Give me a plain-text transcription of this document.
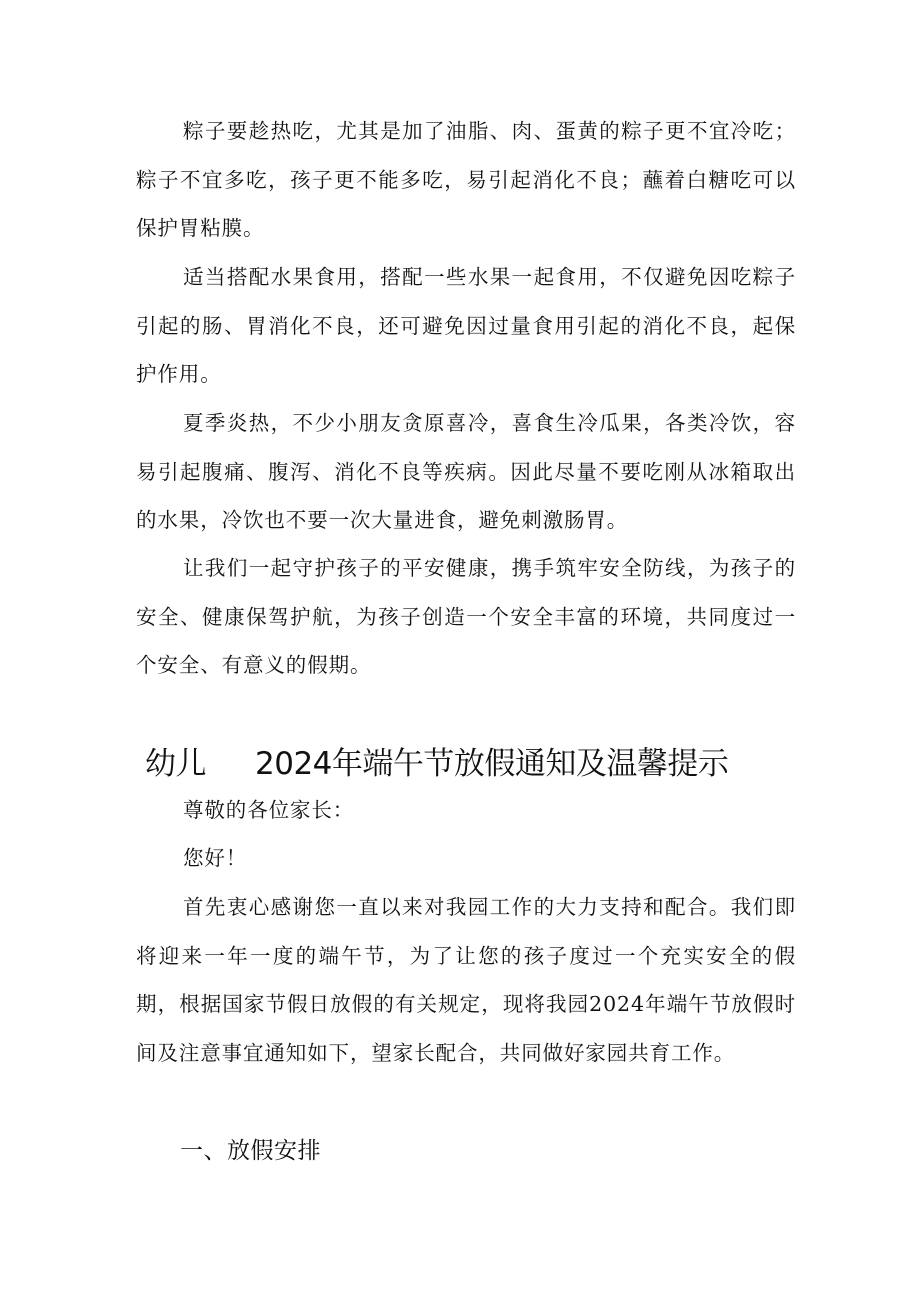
粽子要趁热吃，尤其是加了油脂、肉、蛋黄的粽子更不宜冷吃；粽子不宜多吃，孩子更不能多吃，易引起消化不良；蘸着白糖吃可以保护胃粘膜。

适当搭配水果食用，搭配一些水果一起食用，不仅避免因吃粽子引起的肠、胃消化不良，还可避免因过量食用引起的消化不良，起保护作用。

夏季炎热，不少小朋友贪原喜冷，喜食生冷瓜果，各类冷饮，容易引起腹痛、腹泻、消化不良等疾病。因此尽量不要吃刚从冰箱取出的水果，冷饮也不要一次大量进食，避免刺激肠胃。

让我们一起守护孩子的平安健康，携手筑牢安全防线，为孩子的安全、健康保驾护航，为孩子创造一个安全丰富的环境，共同度过一个安全、有意义的假期。

幼儿 2024年端午节放假通知及温馨提示

尊敬的各位家长：

您好！

首先衷心感谢您一直以来对我园工作的大力支持和配合。我们即将迎来一年一度的端午节，为了让您的孩子度过一个充实安全的假期，根据国家节假日放假的有关规定，现将我园2024年端午节放假时间及注意事宜通知如下，望家长配合，共同做好家园共育工作。

一、放假安排
